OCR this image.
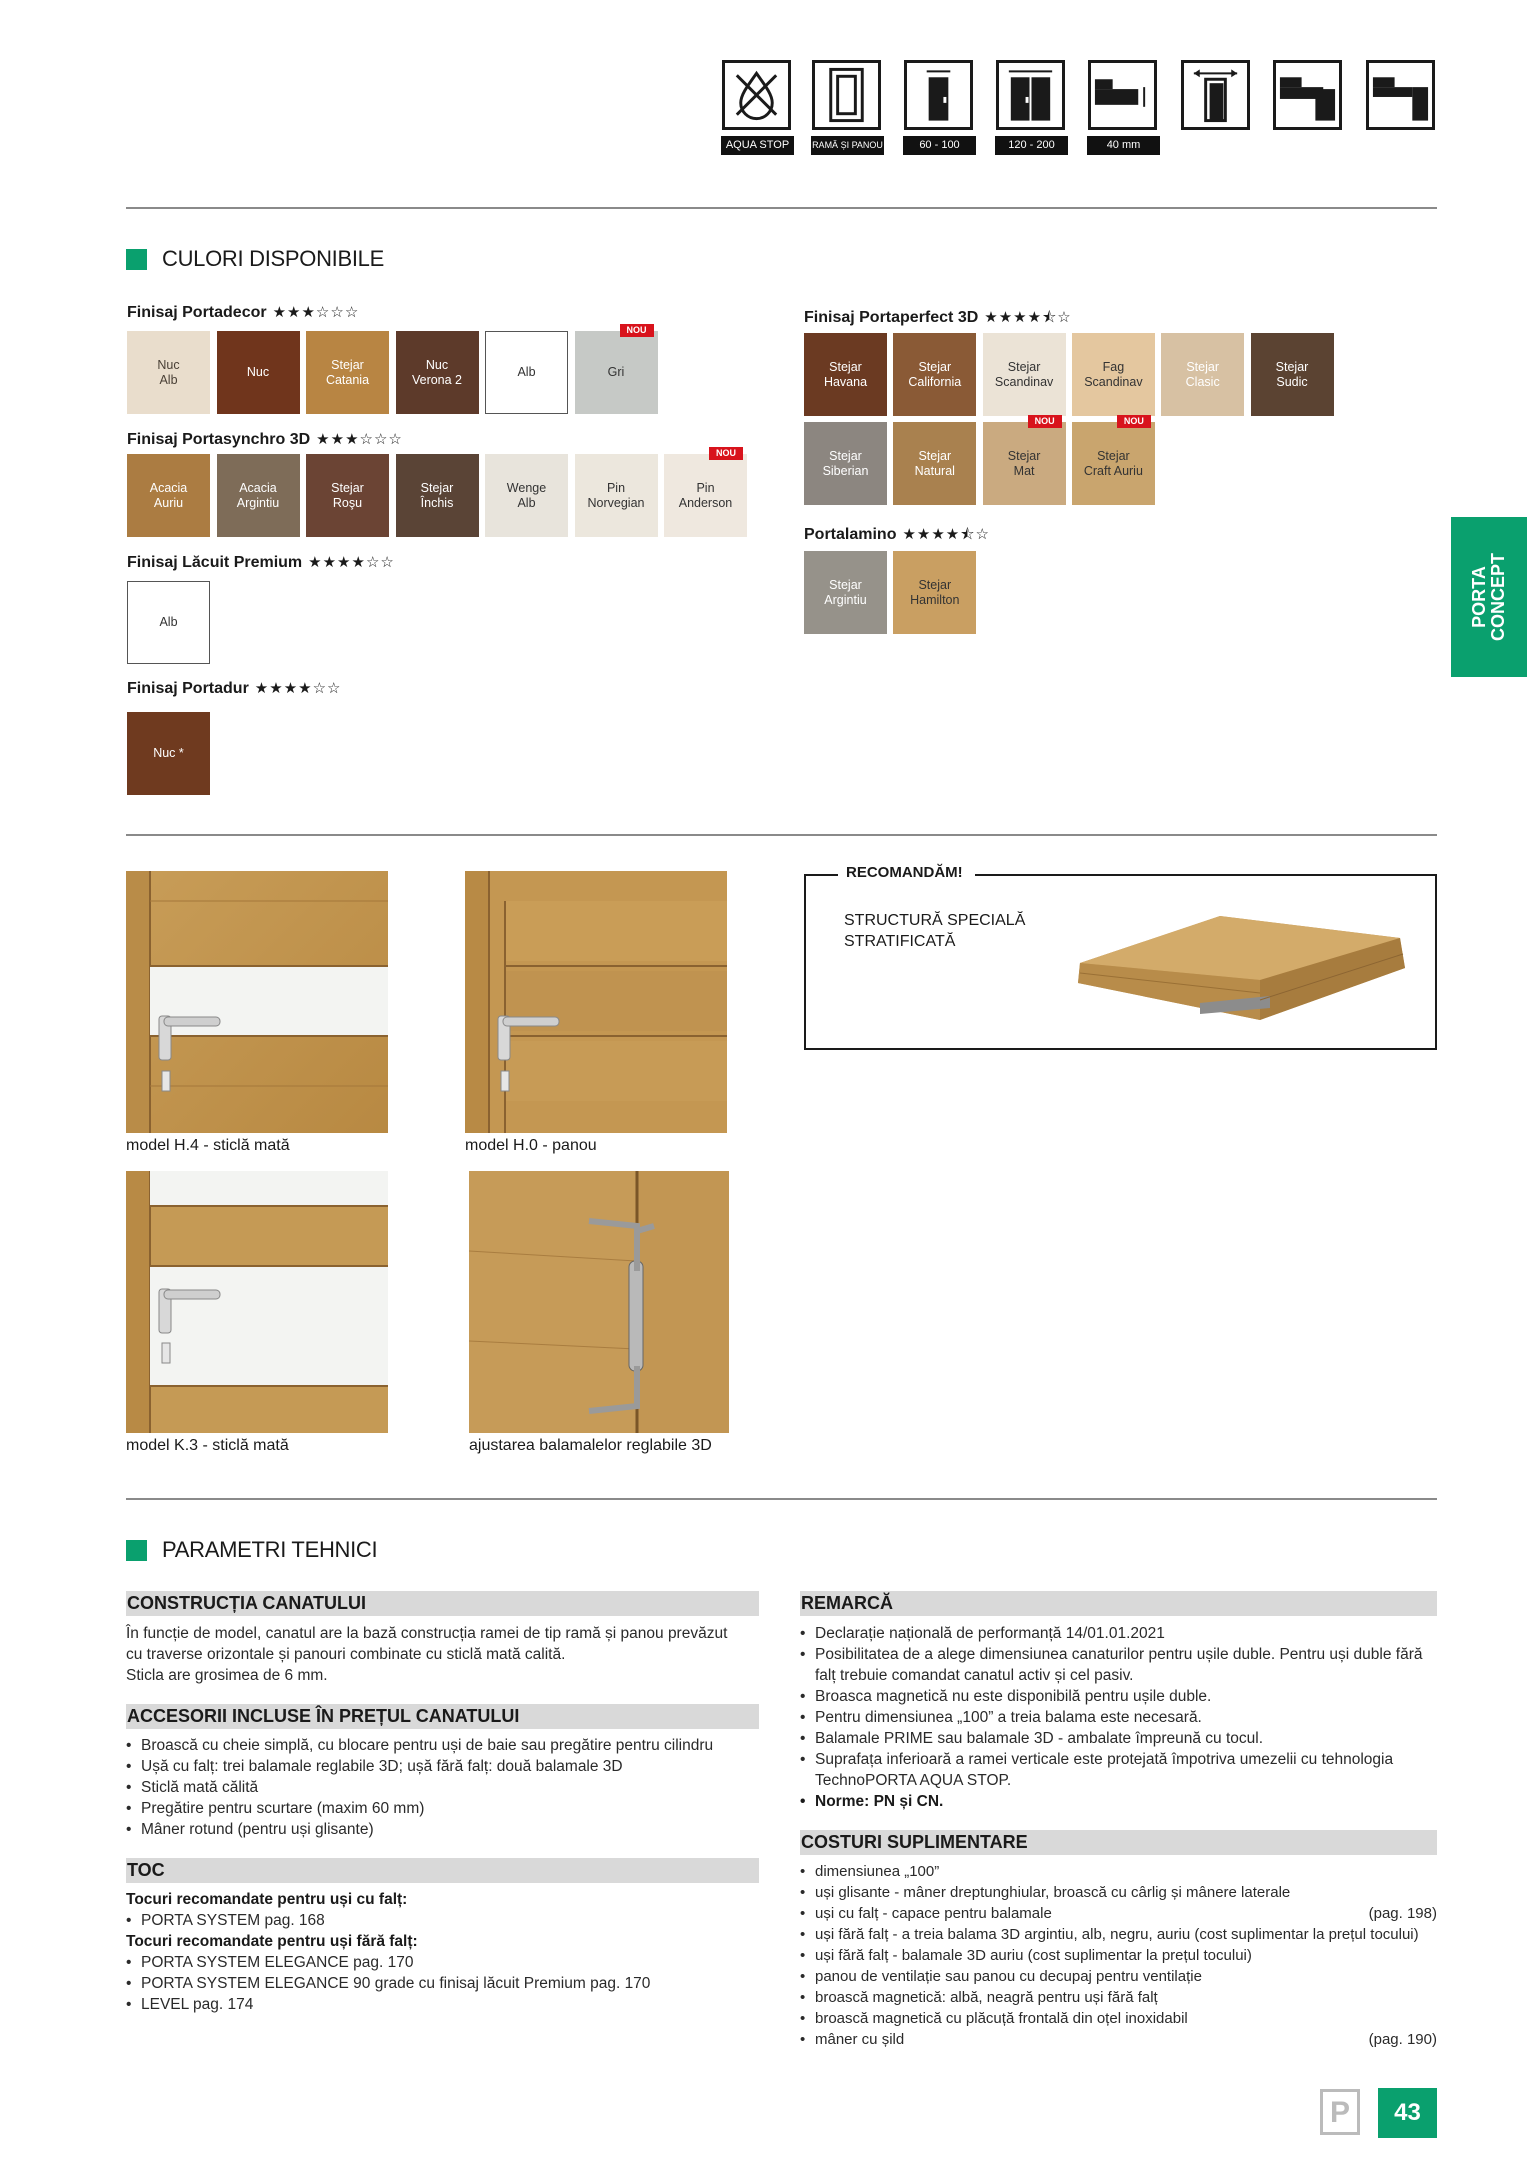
AQUA STOP	RAMĂ ȘI PANOU	60 - 100	120 - 200	40 mm
PORTA
CONCEPT
CULORI DISPONIBILE
Finisaj Portadecor ★★★☆☆☆
Nuc
Alb
Nuc
Stejar
Catania
Nuc
Verona 2
Alb	Gri
NOU
Finisaj Portasynchro 3D ★★★☆☆☆
Acacia
Auriu
Acacia
Argintiu
Stejar
Roşu
Stejar
Închis
Wenge
Alb
Pin
Norvegian
Pin
Anderson
NOU
Finisaj Lăcuit Premium ★★★★☆☆
Alb
Finisaj Portadur ★★★★☆☆
Nuc *
Finisaj Portaperfect 3D ★★★★⯪☆
Stejar
Havana
Stejar
California
Stejar
Scandinav
Fag
Scandinav
Stejar
Clasic
Stejar
Sudic
Stejar
Siberian
Stejar
Natural
Stejar
Mat
NOU
Stejar
Craft Auriu
NOU
Portalamino ★★★★⯪☆
Stejar
Argintiu
Stejar
Hamilton
model H.4 - sticlă mată	model H.0 - panou
model K.3 - sticlă mată	ajustarea balamalelor reglabile 3D
RECOMANDĂM!
STRUCTURĂ SPECIALĂ
STRATIFICATĂ
PARAMETRI TEHNICI
CONSTRUCȚIA CANATULUI
În funcție de model, canatul are la bază construcția ramei de tip ramă și panou prevăzut cu traverse orizontale și panouri combinate cu sticlă mată calită.
Sticla are grosimea de 6 mm.
ACCESORII INCLUSE ÎN PREȚUL CANATULUI
• Broască cu cheie simplă, cu blocare pentru uși de baie sau pregătire pentru cilindru
• Ușă cu falț: trei balamale reglabile 3D; ușă fără falț: două balamale 3D
• Sticlă mată călită
• Pregătire pentru scurtare (maxim 60 mm)
• Mâner rotund (pentru uși glisante)
TOC
Tocuri recomandate pentru uși cu falț:
• PORTA SYSTEM pag. 168
Tocuri recomandate pentru uși fără falț:
• PORTA SYSTEM ELEGANCE pag. 170
• PORTA SYSTEM ELEGANCE 90 grade cu finisaj lăcuit Premium pag. 170
• LEVEL pag. 174
REMARCĂ
• Declarație națională de performanță 14/01.01.2021
• Posibilitatea de a alege dimensiunea canaturilor pentru ușile duble. Pentru uși duble fără falț trebuie comandat canatul activ și cel pasiv.
• Broasca magnetică nu este disponibilă pentru ușile duble.
• Pentru dimensiunea „100” a treia balama este necesară.
• Balamale PRIME sau balamale 3D - ambalate împreună cu tocul.
• Suprafața inferioară a ramei verticale este protejată împotriva umezelii cu tehnologia TechnoPORTA AQUA STOP.
• Norme: PN și CN.
COSTURI SUPLIMENTARE
• dimensiunea „100”
• uși glisante - mâner dreptunghiular, broască cu cârlig și mânere laterale
• uși cu falț - capace pentru balamale	(pag. 198)
• uși fără falț - a treia balama 3D argintiu, alb, negru, auriu (cost suplimentar la prețul tocului)
• uși fără falț - balamale 3D auriu (cost suplimentar la prețul tocului)
• panou de ventilație sau panou cu decupaj pentru ventilație
• broască magnetică: albă, neagră pentru uși fără falț
• broască magnetică cu plăcuță frontală din oțel inoxidabil
• mâner cu șild	(pag. 190)
P	43
